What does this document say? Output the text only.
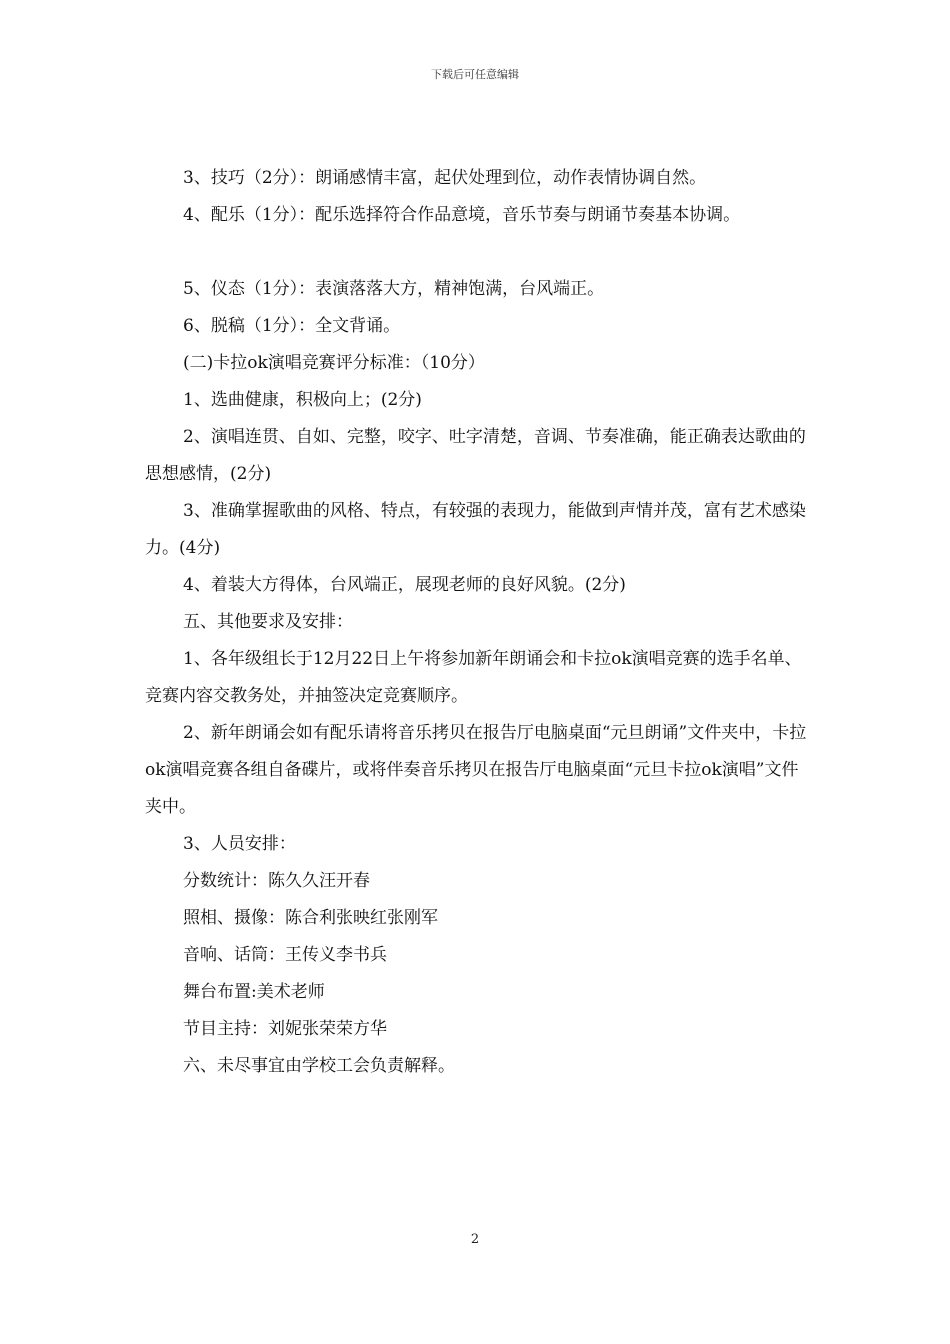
下载后可任意编辑

3、技巧（2分）：朗诵感情丰富，起伏处理到位，动作表情协调自然。

4、配乐（1分）：配乐选择符合作品意境，音乐节奏与朗诵节奏基本协调。

5、仪态（1分）：表演落落大方，精神饱满，台风端正。

6、脱稿（1分）：全文背诵。

(二)卡拉ok演唱竞赛评分标准：（10分）

1、选曲健康，积极向上；(2分)

2、演唱连贯、自如、完整，咬字、吐字清楚，音调、节奏准确，能正确表达歌曲的思想感情，(2分)

3、准确掌握歌曲的风格、特点，有较强的表现力，能做到声情并茂，富有艺术感染力。(4分)

4、着装大方得体，台风端正，展现老师的良好风貌。(2分)

五、其他要求及安排：

1、各年级组长于12月22日上午将参加新年朗诵会和卡拉ok演唱竞赛的选手名单、竞赛内容交教务处，并抽签决定竞赛顺序。

2、新年朗诵会如有配乐请将音乐拷贝在报告厅电脑桌面“元旦朗诵”文件夹中，卡拉ok演唱竞赛各组自备碟片，或将伴奏音乐拷贝在报告厅电脑桌面“元旦卡拉ok演唱”文件夹中。

3、人员安排：

分数统计：陈久久汪开春

照相、摄像：陈合利张映红张刚军

音响、话筒：王传义李书兵

舞台布置:美术老师

节目主持：刘妮张荣荣方华

六、未尽事宜由学校工会负责解释。

2
